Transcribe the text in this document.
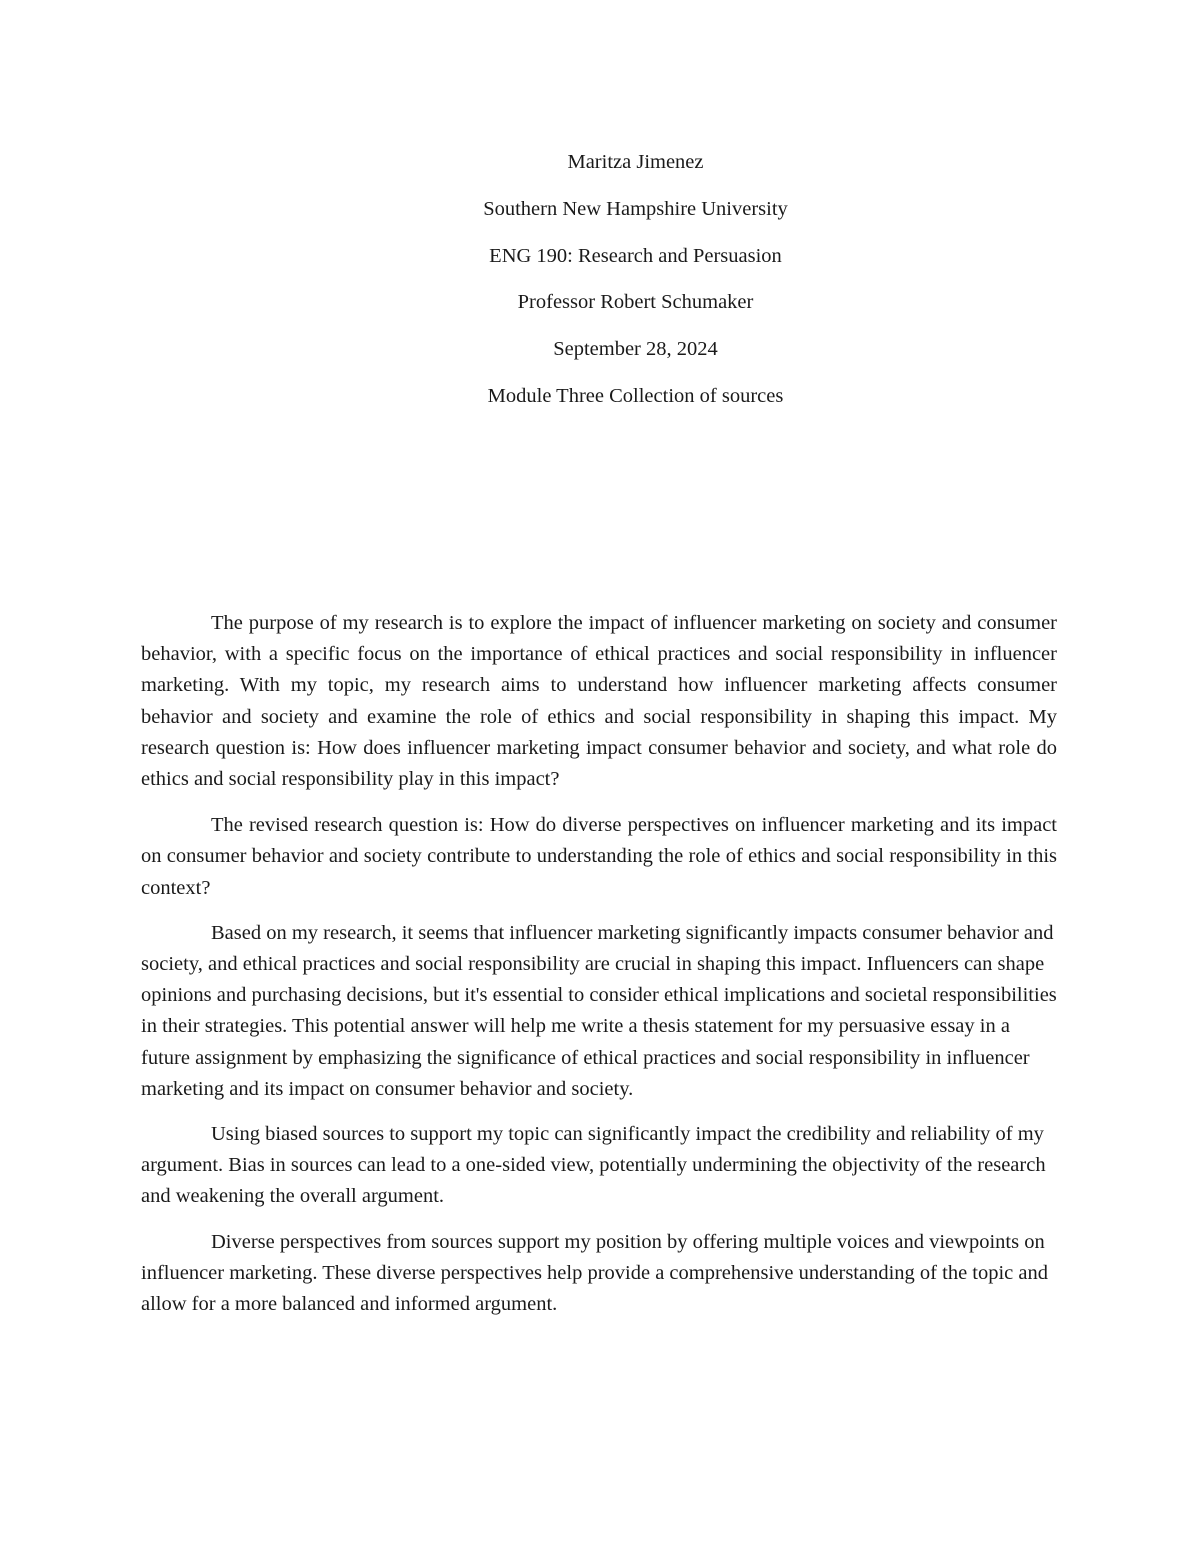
Maritza Jimenez
Southern New Hampshire University
ENG 190: Research and Persuasion
Professor Robert Schumaker
September 28, 2024
Module Three Collection of sources

The purpose of my research is to explore the impact of influencer marketing on society and consumer behavior, with a specific focus on the importance of ethical practices and social responsibility in influencer marketing. With my topic, my research aims to understand how influencer marketing affects consumer behavior and society and examine the role of ethics and social responsibility in shaping this impact. My research question is: How does influencer marketing impact consumer behavior and society, and what role do ethics and social responsibility play in this impact?

The revised research question is: How do diverse perspectives on influencer marketing and its impact on consumer behavior and society contribute to understanding the role of ethics and social responsibility in this context?

Based on my research, it seems that influencer marketing significantly impacts consumer behavior and society, and ethical practices and social responsibility are crucial in shaping this impact. Influencers can shape opinions and purchasing decisions, but it's essential to consider ethical implications and societal responsibilities in their strategies. This potential answer will help me write a thesis statement for my persuasive essay in a future assignment by emphasizing the significance of ethical practices and social responsibility in influencer marketing and its impact on consumer behavior and society.

Using biased sources to support my topic can significantly impact the credibility and reliability of my argument. Bias in sources can lead to a one-sided view, potentially undermining the objectivity of the research and weakening the overall argument.

Diverse perspectives from sources support my position by offering multiple voices and viewpoints on influencer marketing. These diverse perspectives help provide a comprehensive understanding of the topic and allow for a more balanced and informed argument.
